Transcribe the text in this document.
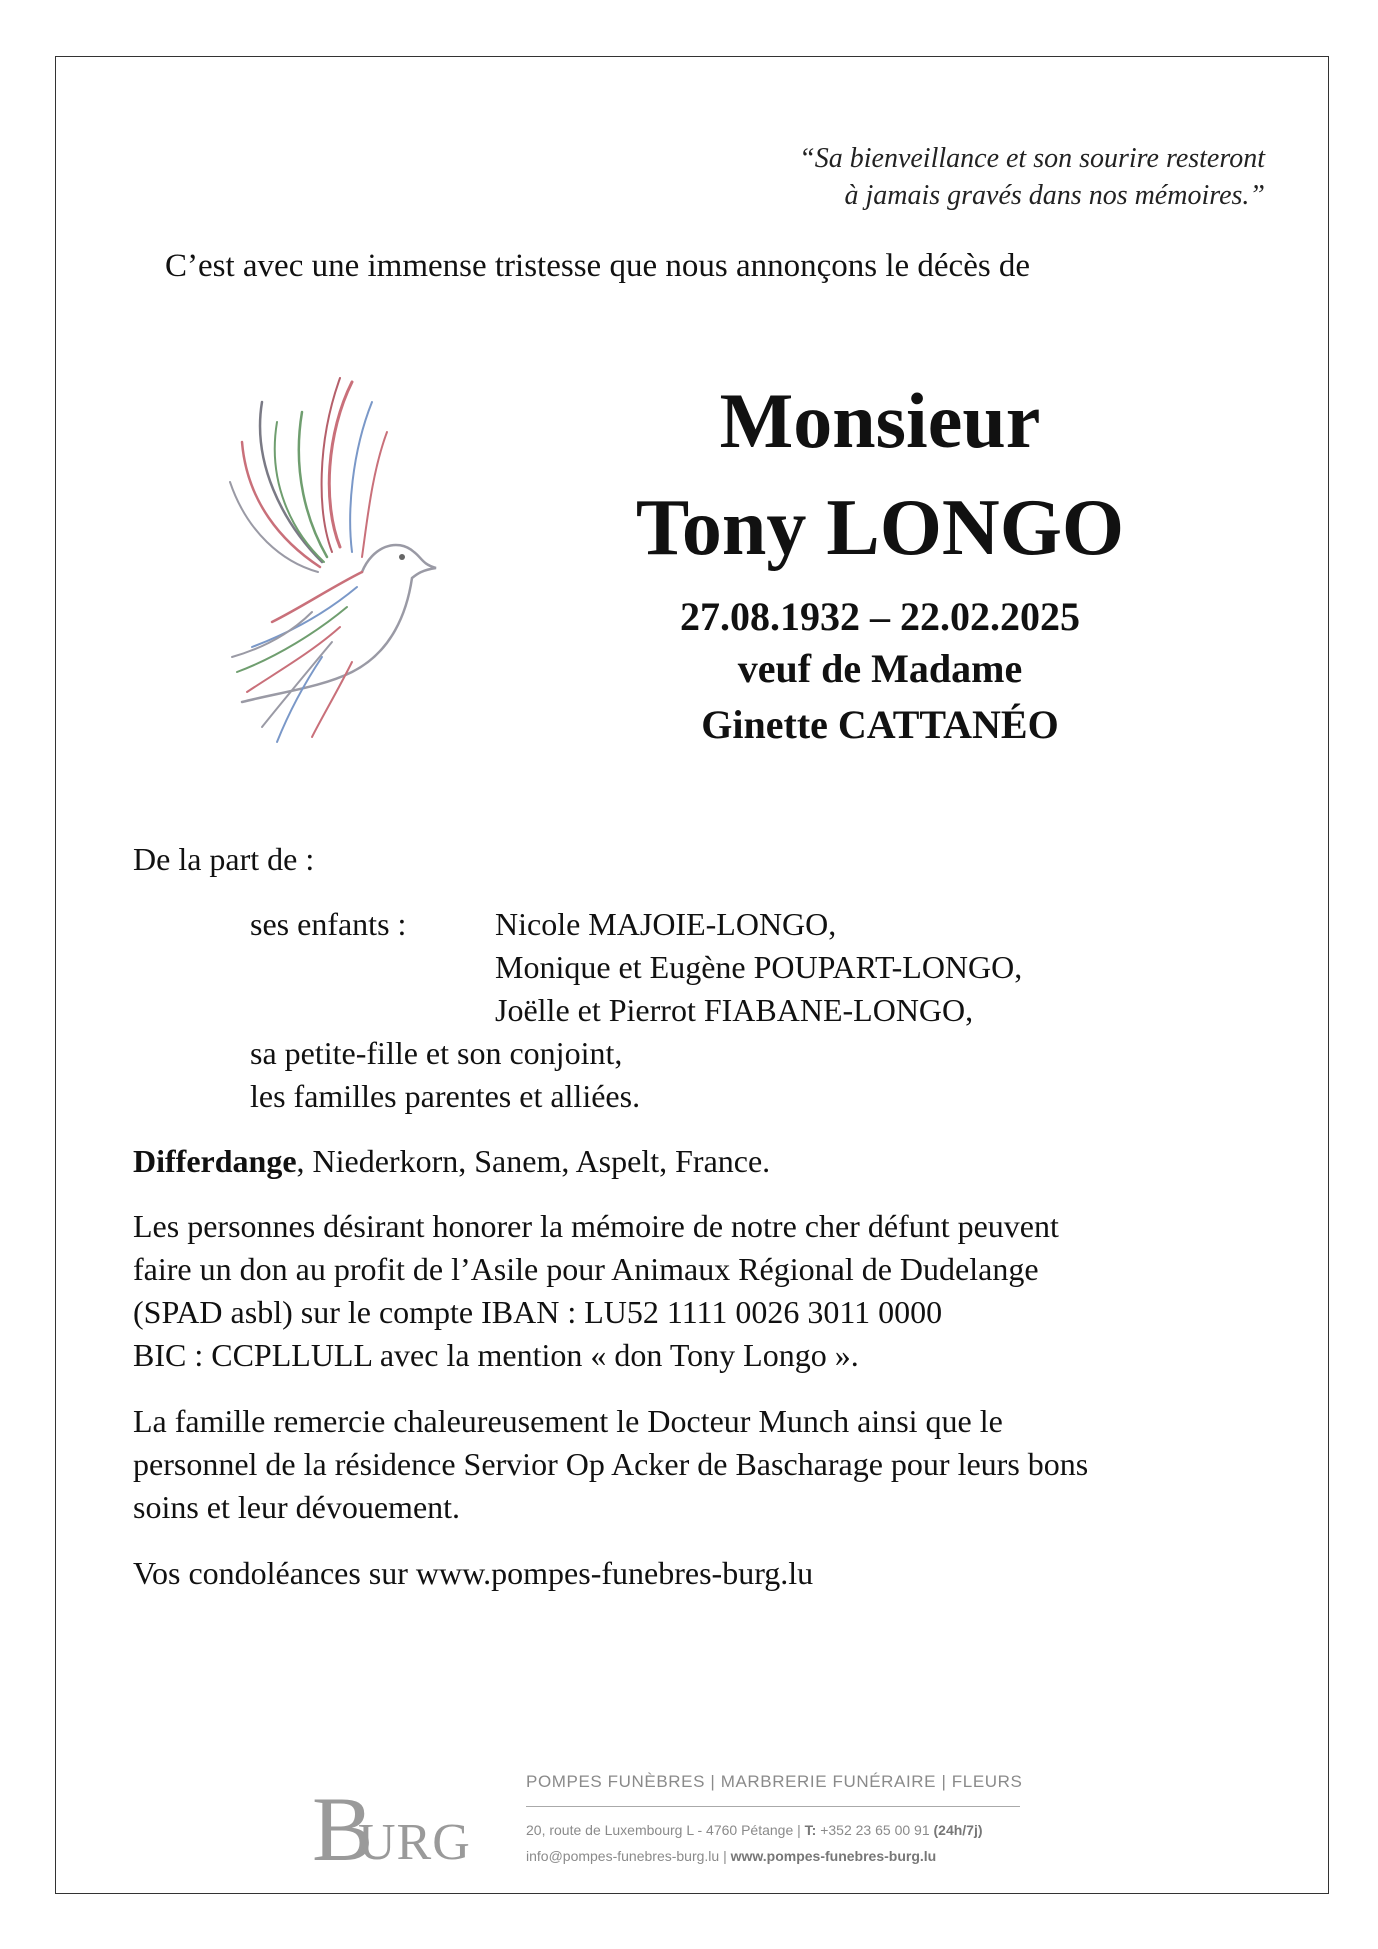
“Sa bienveillance et son sourire resteront
à jamais gravés dans nos mémoires.”
C’est avec une immense tristesse que nous annonçons le décès de
Monsieur
Tony LONGO
27.08.1932 – 22.02.2025
veuf de Madame
Ginette CATTANÉO
De la part de :
ses enfants :	Nicole MAJOIE-LONGO,
Monique et Eugène POUPART-LONGO,
Joëlle et Pierrot FIABANE-LONGO,
sa petite-fille et son conjoint,
les familles parentes et alliées.
Differdange, Niederkorn, Sanem, Aspelt, France.
Les personnes désirant honorer la mémoire de notre cher défunt peuvent
faire un don au profit de l’Asile pour Animaux Régional de Dudelange
(SPAD asbl) sur le compte IBAN : LU52 1111 0026 3011 0000
BIC : CCPLLULL avec la mention « don Tony Longo ».
La famille remercie chaleureusement le Docteur Munch ainsi que le
personnel de la résidence Servior Op Acker de Bascharage pour leurs bons
soins et leur dévouement.
Vos condoléances sur www.pompes-funebres-burg.lu
B
URG
POMPES FUNÈBRES | MARBRERIE FUNÉRAIRE | FLEURS
20, route de Luxembourg L - 4760 Pétange | T: +352 23 65 00 91 (24h/7j)
info@pompes-funebres-burg.lu | www.pompes-funebres-burg.lu
